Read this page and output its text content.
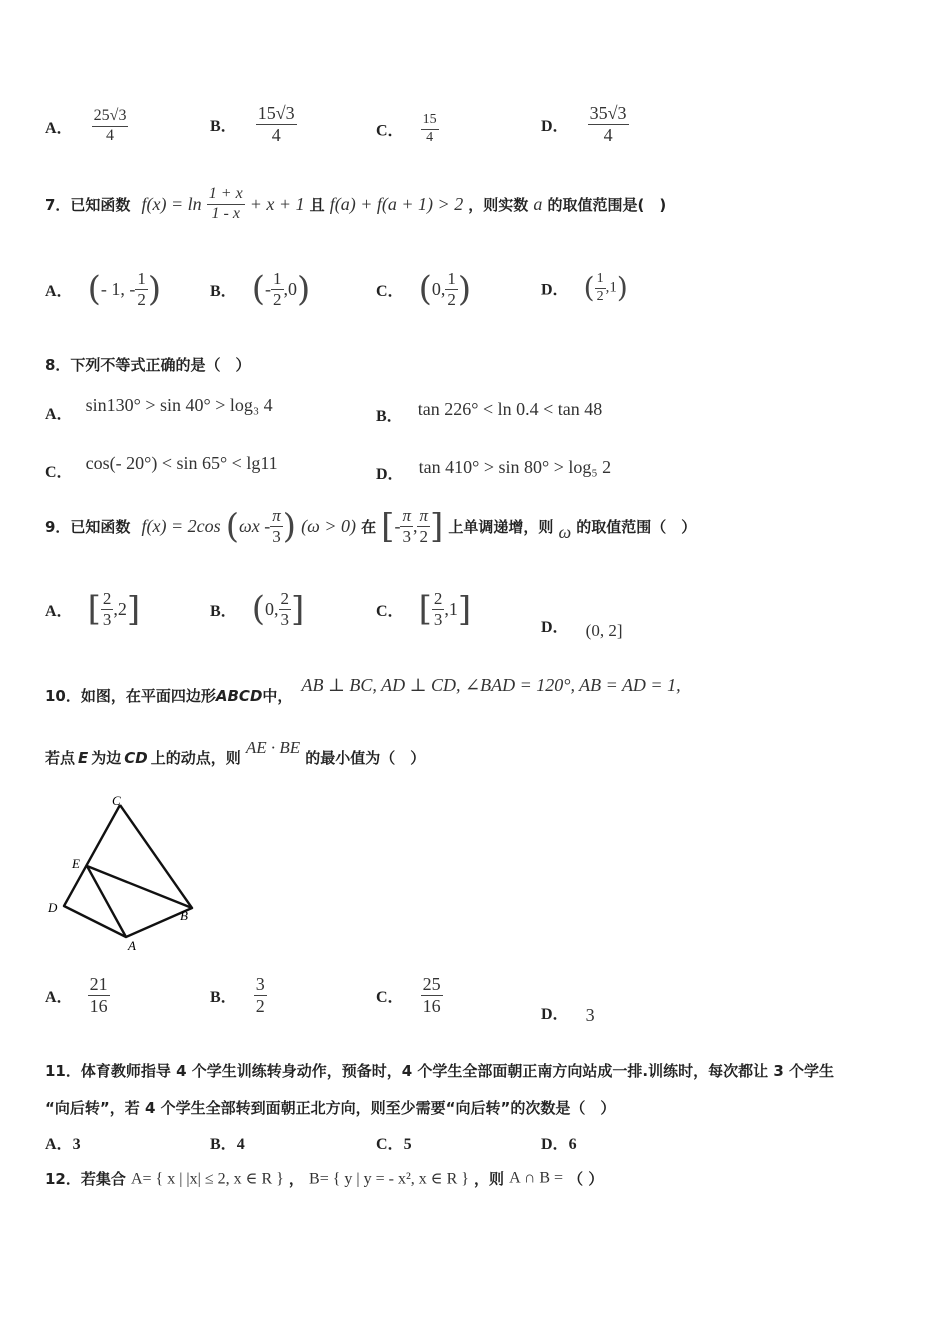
A． $\frac{25√3}{4}$	B． $\frac{15√3}{4}$	C． $\frac{15}{4}$	D． $\frac{35√3}{4}$
7．已知函数 $f(x) = \ln \frac{1 + x}{1 - x} + x + 1$ 且 f(a) + f(a + 1) > 2 ，则实数 a 的取值范围是(　)
A． (- 1, - $\frac{1}{2}$ )	B． (- $\frac{1}{2} ,0$)	C． (0, $\frac{1}{2}$ )	D． ( $\frac{1}{2} ,1$)
8．下列不等式正确的是（　）
A． sin130° > sin 40° > log₃ 4
B． tan 226° < ln 0.4 < tan 48
C． cos(- 20°) < sin 65° < lg11
D． tan 410° > sin 80° > log₅ 2
9．已知函数 f(x) = 2cos ($\omega x - \frac{\pi}{3}$ ) (ω > 0) 在 [- $\frac{\pi}{3}$ , $\frac{\pi}{2}$ ] 上单调递增，则 ω 的取值范围（　）
A． [ $\frac{2}{3} ,2$]	B． (0, $\frac{2}{3}$ ]	C． [ $\frac{2}{3} ,1$]	D． (0, 2]
10．如图，在平面四边形ABCD中， AB ⊥ BC, AD ⊥ CD, ∠BAD = 120°, AB = AD = 1,
若点 E 为边 CD 上的动点，则 AE · BE 的最小值为（　）
C
E
D
B
A
A． $\frac{21}{16}$	B． $\frac{3}{2}$	C． $\frac{25}{16}$	D． 3
11．体育教师指导 4 个学生训练转身动作，预备时，4 个学生全部面朝正南方向站成一排.训练时，每次都让 3 个学生
“向后转”，若 4 个学生全部转到面朝正北方向，则至少需要“向后转”的次数是（　）
A．3	B．4	C．5	D．6
12．若集合 A= { x | |x| ≤ 2, x ∈ R } ， B= { y | y = - x², x ∈ R } ，则 A ∩ B = （ ）
